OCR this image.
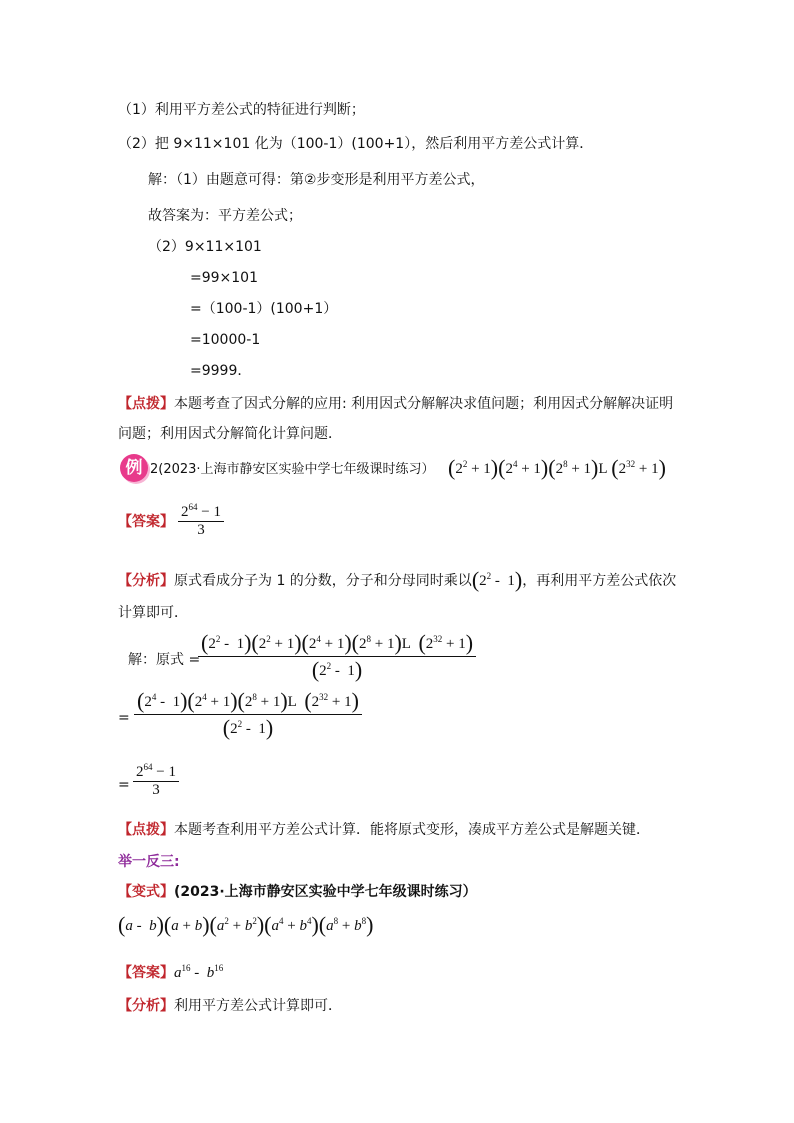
（1）利用平方差公式的特征进行判断；
（2）把 9×11×101 化为（100-1）(100+1），然后利用平方差公式计算．
解：（1）由题意可得：第②步变形是利用平方差公式，
故答案为：平方差公式；
（2）9×11×101
=99×101
=（100-1）(100+1）
=10000-1
=9999．
【点拨】本题考查了因式分解的应用: 利用因式分解解决求值问题；利用因式分解解决证明
问题；利用因式分解简化计算问题．
例 2(2023·上海市静安区实验中学七年级课时练习） $(2^2 + 1)(2^4 + 1)(2^8 + 1)L$ $(2^{32} + 1)$
【答案】 $\frac{2^{64} - 1}{3}$
【分析】原式看成分子为 1 的分数，分子和分母同时乘以$(2^2 - 1)$，再利用平方差公式依次
计算即可．
解：原式 =
$\frac{(2^2 - 1)(2^2 + 1)(2^4 + 1)(2^8 + 1)L (2^{32} + 1)}{(2^2 - 1)}$
= $\frac{(2^4 - 1)(2^4 + 1)(2^8 + 1)L (2^{32} + 1)}{(2^2 - 1)}$
= $\frac{2^{64} - 1}{3}$
【点拨】本题考查利用平方差公式计算．能将原式变形，凑成平方差公式是解题关键．
举一反三:
【变式】(2023·上海市静安区实验中学七年级课时练习）
$(a - b)(a + b)(a^2 + b^2)(a^4 + b^4)(a^8 + b^8)$
【答案】$a^{16} - b^{16}$
【分析】利用平方差公式计算即可．
